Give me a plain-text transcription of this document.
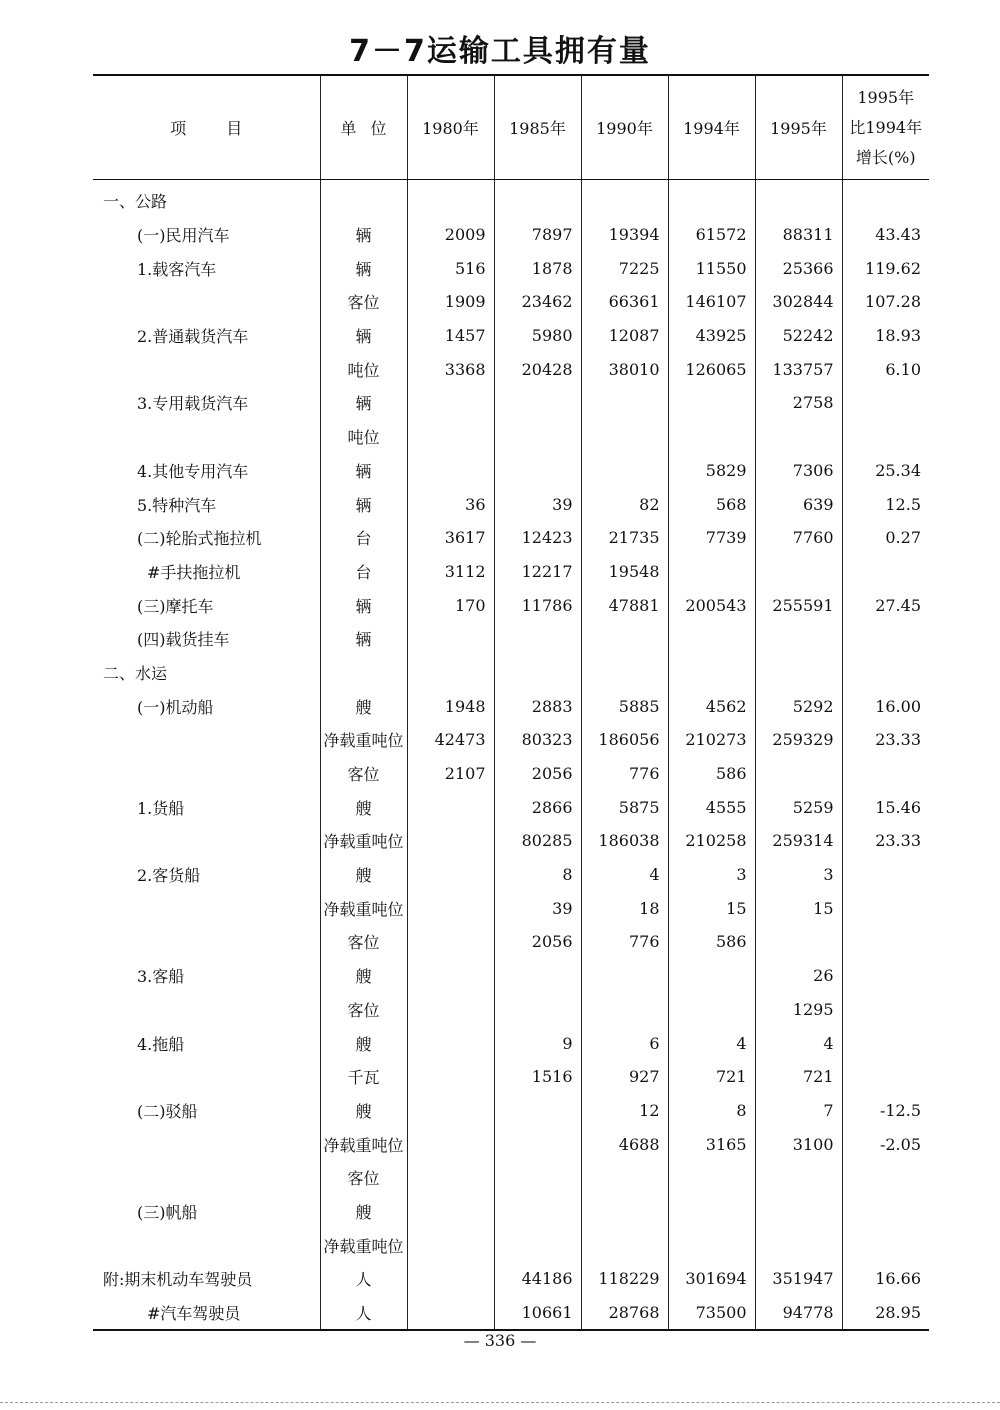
7－7运输工具拥有量
项目	单位	1980年	1985年	1990年	1994年	1995年	1995年
比1994年
增长(%)

一、公路							
(一)民用汽车	辆	2009	7897	19394	61572	88311	43.43
1.载客汽车	辆	516	1878	7225	11550	25366	119.62
	客位	1909	23462	66361	146107	302844	107.28
2.普通载货汽车	辆	1457	5980	12087	43925	52242	18.93
	吨位	3368	20428	38010	126065	133757	6.10
3.专用载货汽车	辆					2758	
	吨位						
4.其他专用汽车	辆				5829	7306	25.34
5.特种汽车	辆	36	39	82	568	639	12.5
(二)轮胎式拖拉机	台	3617	12423	21735	7739	7760	0.27
#手扶拖拉机	台	3112	12217	19548			
(三)摩托车	辆	170	11786	47881	200543	255591	27.45
(四)载货挂车	辆						
二、水运							
(一)机动船	艘	1948	2883	5885	4562	5292	16.00
	净载重吨位	42473	80323	186056	210273	259329	23.33
	客位	2107	2056	776	586		
1.货船	艘		2866	5875	4555	5259	15.46
	净载重吨位		80285	186038	210258	259314	23.33
2.客货船	艘		8	4	3	3	
	净载重吨位		39	18	15	15	
	客位		2056	776	586		
3.客船	艘					26	
	客位					1295	
4.拖船	艘		9	6	4	4	
	千瓦		1516	927	721	721	
(二)驳船	艘			12	8	7	-12.5
	净载重吨位			4688	3165	3100	-2.05
	客位						
(三)帆船	艘						
	净载重吨位						
附:期末机动车驾驶员	人		44186	118229	301694	351947	16.66
#汽车驾驶员	人		10661	28768	73500	94778	28.95
— 336 —
